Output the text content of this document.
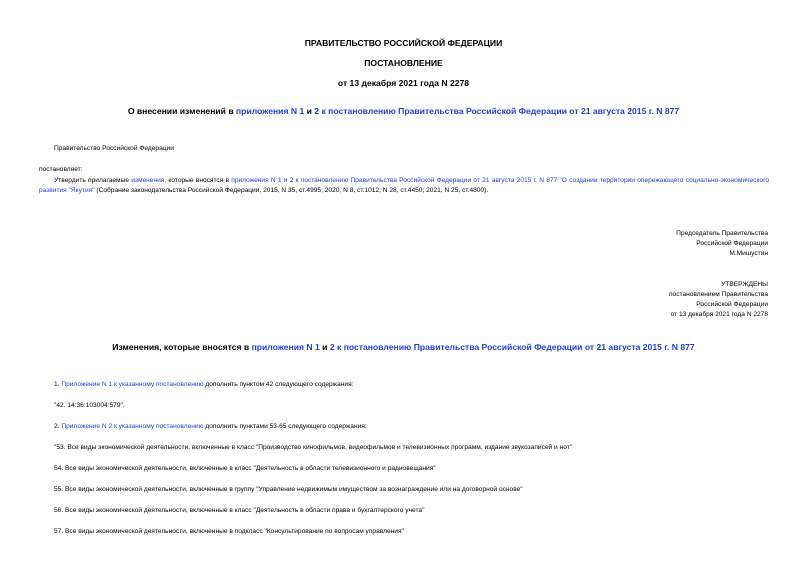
ПРАВИТЕЛЬСТВО РОССИЙСКОЙ ФЕДЕРАЦИИ
ПОСТАНОВЛЕНИЕ
от 13 декабря 2021 года N 2278
О внесении изменений в приложения N 1 и 2 к постановлению Правительства Российской Федерации от 21 августа 2015 г. N 877
Правительство Российской Федерации
постановляет:
Утвердить прилагаемые изменения, которые вносятся в приложения N 1 и 2 к постановлению Правительства Российской Федерации от 21 августа 2015 г. N 877 "О создании территории опережающего социально-экономического развития "Якутия" (Собрание законодательства Российской Федерации, 2015, N 35, ст.4995; 2020, N 8, ст.1012; N 28, ст.4450; 2021, N 25, ст.4800).
Председатель Правительства
Российской Федерации
М.Мишустин
УТВЕРЖДЕНЫ
постановлением Правительства
Российской Федерации
от 13 декабря 2021 года N 2278
Изменения, которые вносятся в приложения N 1 и 2 к постановлению Правительства Российской Федерации от 21 августа 2015 г. N 877
1. Приложение N 1 к указанному постановлению дополнить пунктом 42 следующего содержания:
"42. 14:36:103004:579".
2. Приложение N 2 к указанному постановлению дополнить пунктами 53-65 следующего содержания:
"53. Все виды экономической деятельности, включенные в класс "Производство кинофильмов, видеофильмов и телевизионных программ, издание звукозаписей и нот"
54. Все виды экономической деятельности, включенные в класс "Деятельность в области телевизионного и радиовещания"
55. Все виды экономической деятельности, включенные в группу "Управление недвижимым имуществом за вознаграждение или на договорной основе"
56. Все виды экономической деятельности, включенные в класс "Деятельность в области права и бухгалтерского учета"
57. Все виды экономической деятельности, включенные в подкласс "Консультирование по вопросам управления"
